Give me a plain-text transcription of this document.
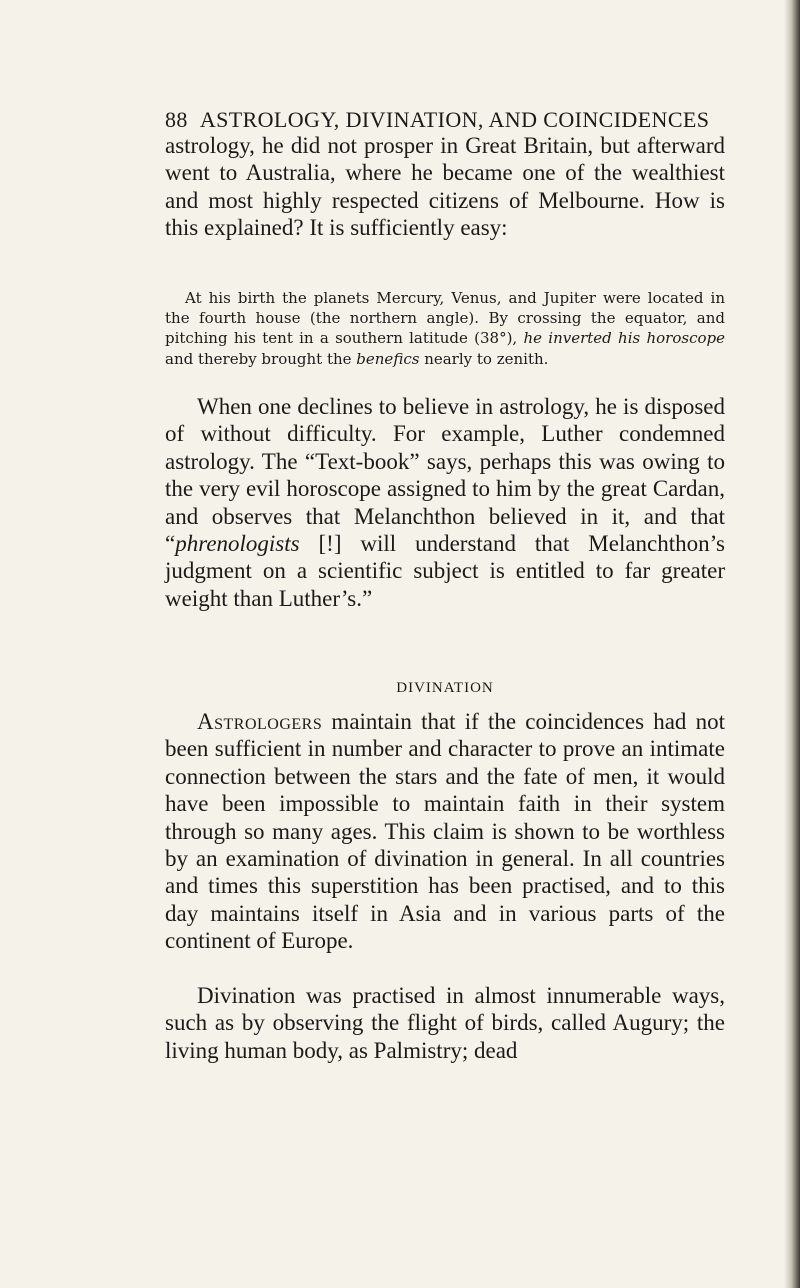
88 ASTROLOGY, DIVINATION, AND COINCIDENCES

astrology, he did not prosper in Great Britain, but afterward went to Australia, where he became one of the wealthiest and most highly respected citizens of Melbourne. How is this explained? It is sufficiently easy:

At his birth the planets Mercury, Venus, and Jupiter were located in the fourth house (the northern angle). By crossing the equator, and pitching his tent in a southern latitude (38°), he inverted his horoscope and thereby brought the benefics nearly to zenith.

When one declines to believe in astrology, he is disposed of without difficulty. For example, Luther condemned astrology. The “Text-book” says, perhaps this was owing to the very evil horoscope assigned to him by the great Cardan, and observes that Melanchthon believed in it, and that “phrenologists [!] will understand that Melanchthon’s judgment on a scientific subject is entitled to far greater weight than Luther’s.”

DIVINATION

Astrologers maintain that if the coincidences had not been sufficient in number and character to prove an intimate connection between the stars and the fate of men, it would have been impossible to maintain faith in their system through so many ages. This claim is shown to be worthless by an examination of divination in general. In all countries and times this superstition has been practised, and to this day maintains itself in Asia and in various parts of the continent of Europe.

Divination was practised in almost innumerable ways, such as by observing the flight of birds, called Augury; the living human body, as Palmistry; dead
